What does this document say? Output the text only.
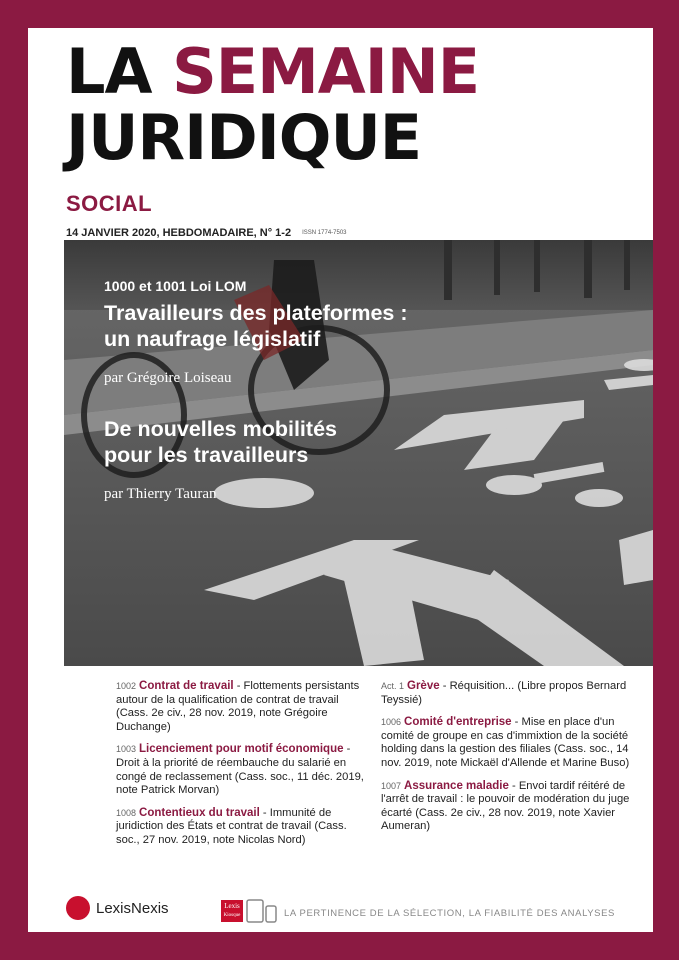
LA SEMAINE
JURIDIQUE
SOCIAL
14 JANVIER 2020, HEBDOMADAIRE, N° 1-2 ISSN 1774-7503
1000 et 1001 Loi LOM
Travailleurs des plateformes :
un naufrage législatif
par Grégoire Loiseau
De nouvelles mobilités
pour les travailleurs
par Thierry Tauran
1002 Contrat de travail - Flottements persistants autour de la qualification de contrat de travail (Cass. 2e civ., 28 nov. 2019, note Grégoire Duchange)
1003 Licenciement pour motif économique - Droit à la priorité de réembauche du salarié en congé de reclassement (Cass. soc., 11 déc. 2019, note Patrick Morvan)
1008 Contentieux du travail - Immunité de juridiction des États et contrat de travail (Cass. soc., 27 nov. 2019, note Nicolas Nord)
Act. 1 Grève - Réquisition... (Libre propos Bernard Teyssié)
1006 Comité d'entreprise - Mise en place d'un comité de groupe en cas d'immixtion de la société holding dans la gestion des filiales (Cass. soc., 14 nov. 2019, note Mickaël d'Allende et Marine Buso)
1007 Assurance maladie - Envoi tardif réitéré de l'arrêt de travail : le pouvoir de modération du juge écarté (Cass. 2e civ., 28 nov. 2019, note Xavier Aumeran)
LexisNexis	Lexis
Kiosque	LA PERTINENCE DE LA SÉLECTION, LA FIABILITÉ DES ANALYSES
